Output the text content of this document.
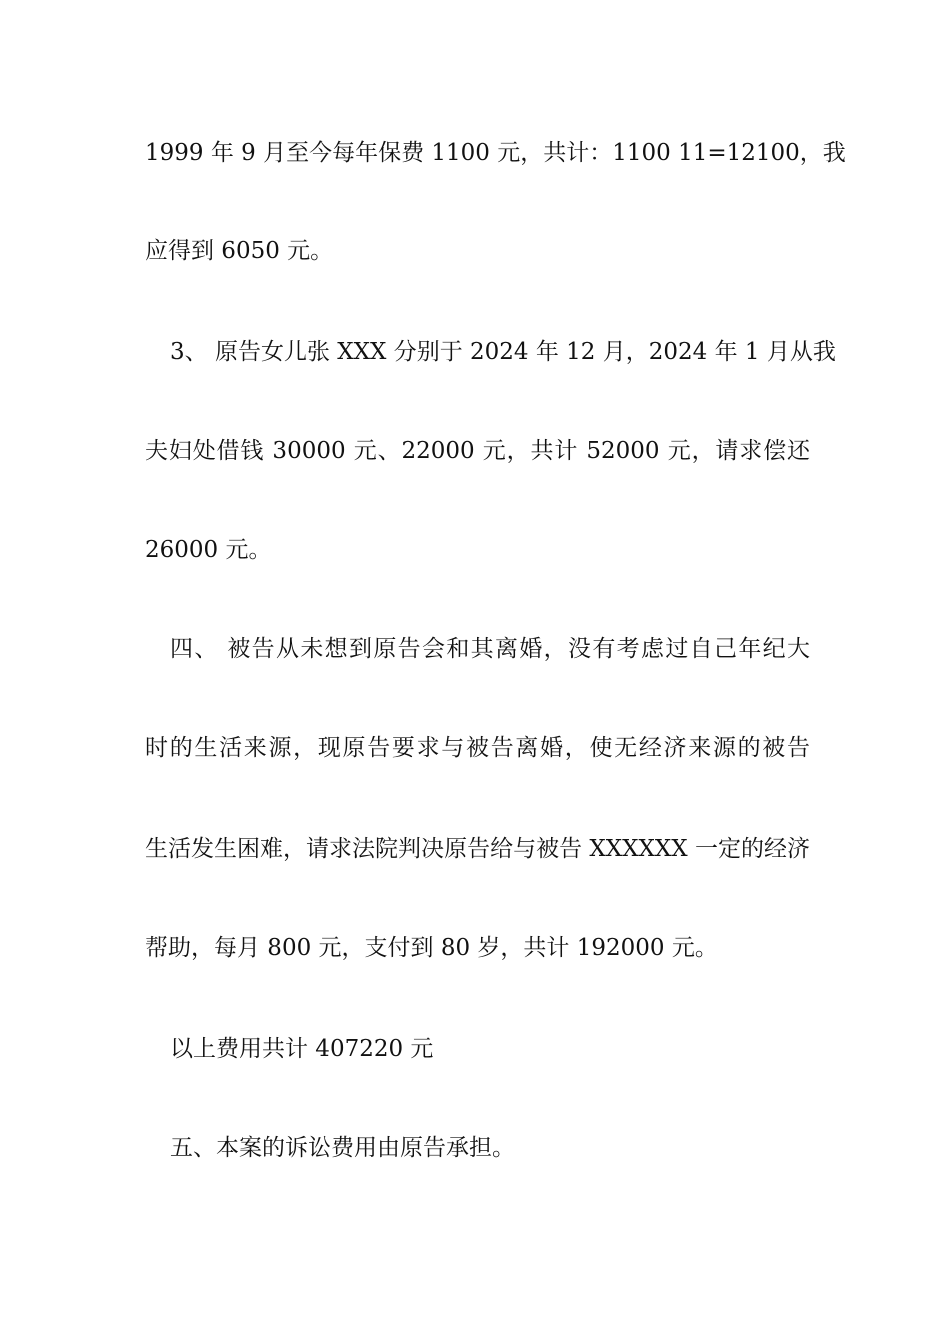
1999 年 9 月至今每年保费 1100 元，共计：1100 11=12100，我

应得到 6050 元。

3、 原告女儿张 XXX 分别于 2024 年 12 月，2024 年 1 月从我

夫妇处借钱 30000 元、22000 元，共计 52000 元，请求偿还

26000 元。

四、 被告从未想到原告会和其离婚，没有考虑过自己年纪大

时的生活来源，现原告要求与被告离婚，使无经济来源的被告

生活发生困难，请求法院判决原告给与被告 XXXXXX 一定的经济

帮助，每月 800 元，支付到 80 岁，共计 192000 元。

以上费用共计 407220 元

五、本案的诉讼费用由原告承担。
